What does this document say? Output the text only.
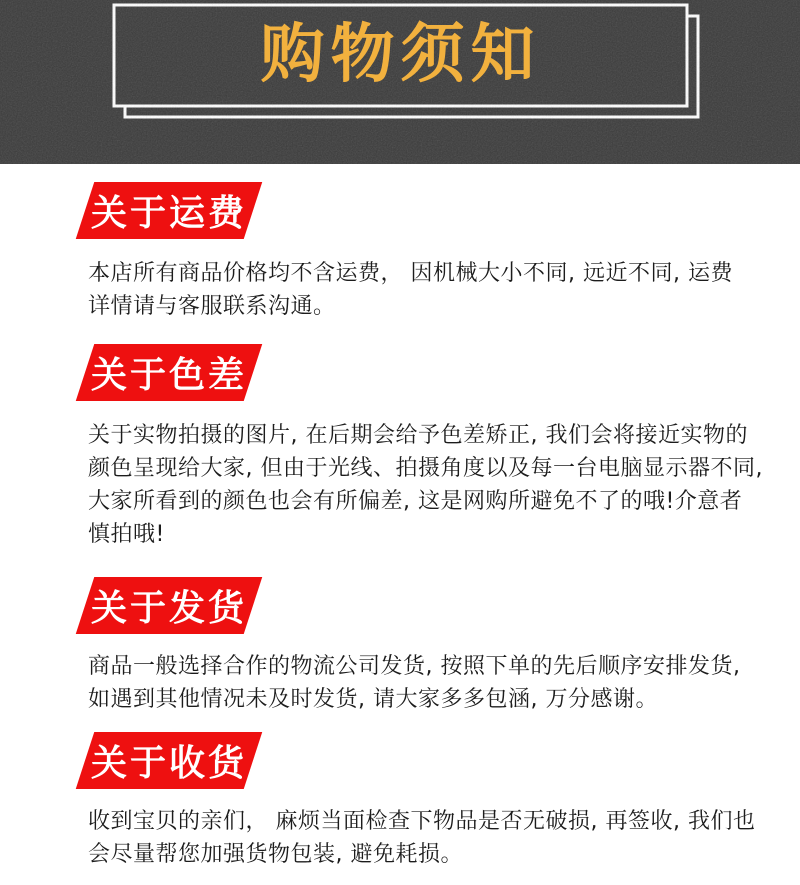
购物须知
关于运费
本店所有商品价格均不含运费， 因机械大小不同, 远近不同, 运费
详情请与客服联系沟通。
关于色差
关于实物拍摄的图片, 在后期会给予色差矫正, 我们会将接近实物的
颜色呈现给大家, 但由于光线、拍摄角度以及每一台电脑显示器不同,
大家所看到的颜色也会有所偏差, 这是网购所避免不了的哦!介意者
慎拍哦!
关于发货
商品一般选择合作的物流公司发货, 按照下单的先后顺序安排发货,
如遇到其他情况未及时发货, 请大家多多包涵, 万分感谢。
关于收货
收到宝贝的亲们， 麻烦当面检查下物品是否无破损, 再签收, 我们也
会尽量帮您加强货物包装, 避免耗损。
